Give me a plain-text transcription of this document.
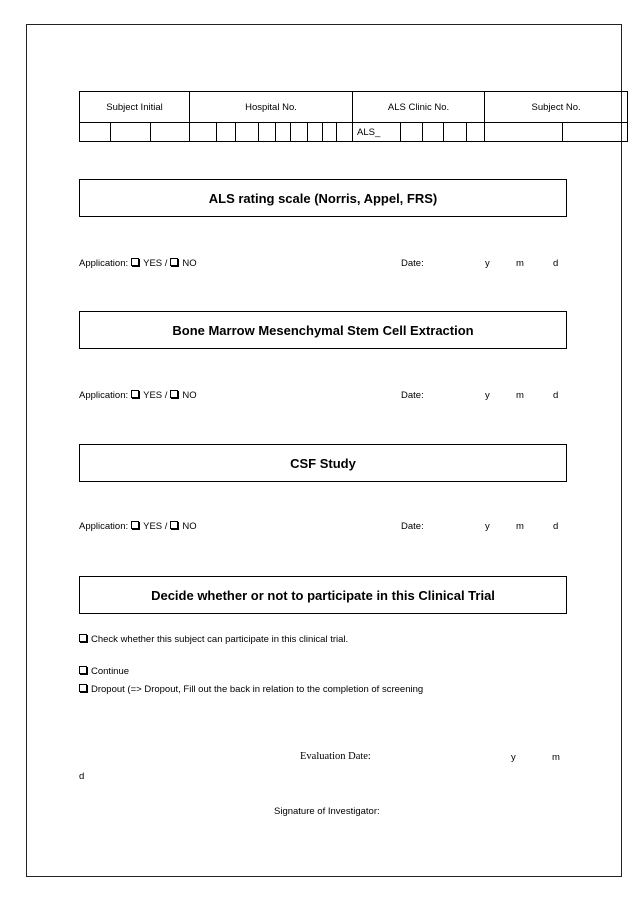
Subject Initial			Hospital No.									ALS Clinic No.					Subject No.	
												ALS_						
ALS rating scale (Norris, Appel, FRS)
Application: YES / NO	Date:	y	m	d
Bone Marrow Mesenchymal Stem Cell Extraction
Application: YES / NO	Date:	y	m	d
CSF Study
Application: YES / NO	Date:	y	m	d
Decide whether or not to participate in this Clinical Trial
Check whether this subject can participate in this clinical trial.
Continue
Dropout (=> Dropout, Fill out the back in relation to the completion of screening
Evaluation Date:	y	m
d
Signature of Investigator:
